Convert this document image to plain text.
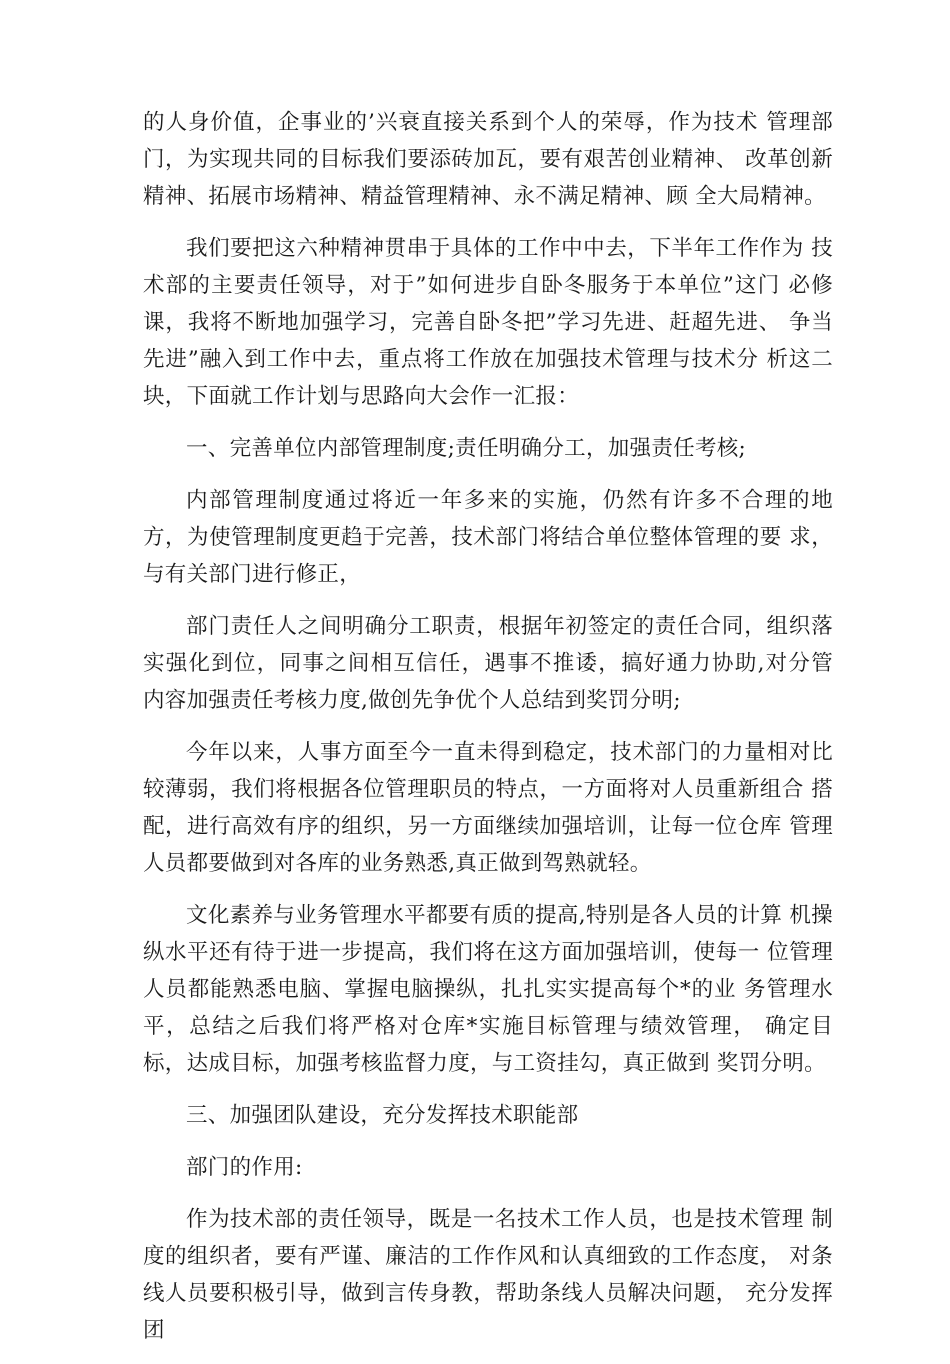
的人身价值，企事业的’兴衰直接关系到个人的荣辱，作为技术 管理部门，为实现共同的目标我们要添砖加瓦，要有艰苦创业精神、 改革创新精神、拓展市场精神、精益管理精神、永不满足精神、顾 全大局精神。

我们要把这六种精神贯串于具体的工作中中去，下半年工作作为 技术部的主要责任领导，对于”如何进步自卧冬服务于本单位”这门 必修课，我将不断地加强学习，完善自卧冬把”学习先进、赶超先进、 争当先进”融入到工作中去，重点将工作放在加强技术管理与技术分 析这二块，下面就工作计划与思路向大会作一汇报：

一、完善单位内部管理制度;责任明确分工，加强责任考核;

内部管理制度通过将近一年多来的实施，仍然有许多不合理的地 方，为使管理制度更趋于完善，技术部门将结合单位整体管理的要 求，与有关部门进行修正，

部门责任人之间明确分工职责，根据年初签定的责任合同，组织落 实强化到位，同事之间相互信任，遇事不推诿，搞好通力协助,对分管 内容加强责任考核力度,做创先争优个人总结到奖罚分明;

今年以来，人事方面至今一直未得到稳定，技术部门的力量相对比 较薄弱，我们将根据各位管理职员的特点，一方面将对人员重新组合 搭配，进行高效有序的组织，另一方面继续加强培训，让每一位仓库 管理人员都要做到对各库的业务熟悉,真正做到驾熟就轻。

文化素养与业务管理水平都要有质的提高,特别是各人员的计算 机操纵水平还有待于进一步提高，我们将在这方面加强培训，使每一 位管理人员都能熟悉电脑、掌握电脑操纵，扎扎实实提高每个*的业 务管理水平，总结之后我们将严格对仓库*实施目标管理与绩效管理， 确定目标，达成目标，加强考核监督力度，与工资挂勾，真正做到 奖罚分明。

三、加强团队建设，充分发挥技术职能部

部门的作用:

作为技术部的责任领导，既是一名技术工作人员，也是技术管理 制度的组织者，要有严谨、廉洁的工作作风和认真细致的工作态度， 对条线人员要积极引导，做到言传身教，帮助条线人员解决问题， 充分发挥团
